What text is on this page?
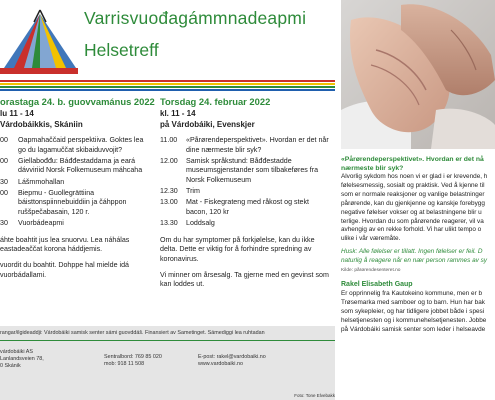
Varrisvuođagámmnadeapmi
Helsetreff
orastaga 24. b. guovvamánus 2022
lu 11 - 14
Várdobáikkis, Skániin
00	Oapmahaččaid perspektiiva. Goktes lea go du lagamuččat skibaiduvvojit?
00	Giellabođđu: Báđđestaddama ja eará dávviriid Norsk Folkemuseum máhcaha
30	Lášmmohallan
00	Biepmu - Guollegrättiina báisttonspiinnebuiddiin ja čáhppon ruššpečabasain, 120 r.
30	Vuorbádeapmi

áhte boahtit jus lea snuorvu. Lea náhálas eastadeaččat korona háddjemis.

vuordit du boahtit. Dohppe hal mielde idá vuorbádallami.

Torsdag 24. februar 2022
kl. 11 - 14
på Várdobáiki, Evenskjer
11.00	«Pårørendeperspektivet». Hvordan er det når dine nærmeste blir syk?
12.00	Samisk språkstund: Båđđestadde museumsgjenstander som tilbakeføres fra Norsk Folkemuseum
12.30	Trim
13.00	Mat - Fiskegrateng med råkost og stekt bacon, 120 kr
13.30	Loddsalg

Om du har symptomer på forkjølelse, kan du ikke delta. Dette er viktig for å forhindre spredning av koronavirus.

Vi minner om årsesalg. Ta gjerne med en gevinst som kan loddes ut.

rangar/ilgideaddji: Várdobáiki samisk senter sámi guovddáš. Finansiert av Sametinget. Sámediggi lea ruhtadan
várdobáiki AS
Lanlandsveien 78,
0 Skánik
Sentralbord: 769 85 020
mob: 918 11 508
E-post: rakel@vardobaiki.no
www.vardobaiki.no
Foto: Tone Elvebakk
«Pårørendeperspektivet». Hvordan er det nå
nærmeste blir syk?
Alvorlig sykdom hos noen vi er glad i er krevende, h
følelsesmessig, sosialt og praktisk. Ved å kjenne til
som er normale reaksjoner og vanlige belastninger
pårørende, kan du gjenkjenne og kanskje forebygg
negative følelser vokser og at belastningene blir u
terlige. Hvordan du som pårørende reagerer, vil va
avhengig av en rekke forhold. Vi har ulikt tempo o
ulike i vår væremåte.
Husk: Alle følelser er tillatt. Ingen følelser er feil. D
naturlig å reagere når en nær person rammes av sy
Kilde: pårørendesenteret.no
Rakel Elisabeth Gaup
Er opprinnelig fra Kautokeino kommune, men er b
Trøsemarka med samboer og to barn. Hun har bak
som sykepleier, og har tidligere jobbet både i spesi
helsetjenesten og i kommunehelsetjenesten. Jobbe
på Várdobáiki samisk senter som leder i helseavde
